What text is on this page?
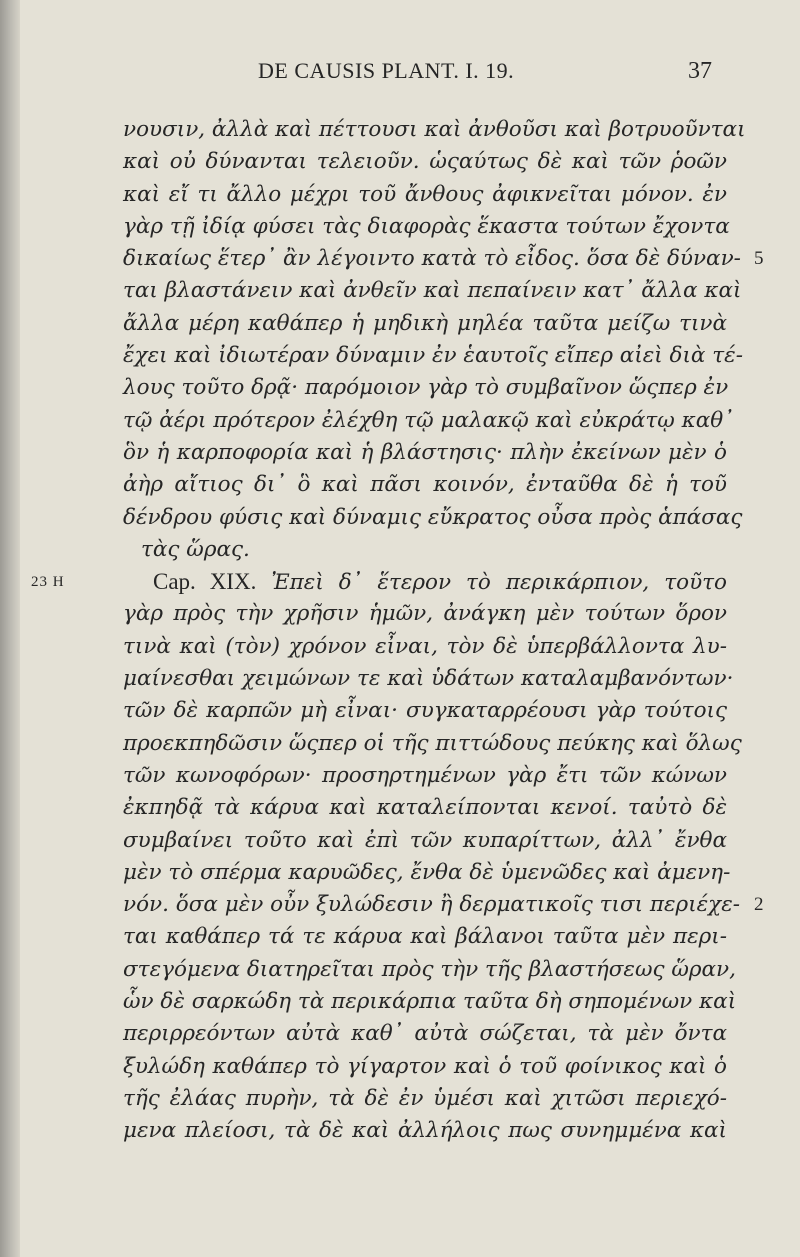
DE CAUSIS PLANT. I. 19.	37
νουσιν, ἀλλὰ καὶ πέττουσι καὶ ἀνθοῦσι καὶ βοτρυοῦνται
καὶ οὐ δύνανται τελειοῦν. ὡςαύτως δὲ καὶ τῶν ῥοῶν
καὶ εἴ τι ἄλλο μέχρι τοῦ ἄνθους ἀφικνεῖται μόνον. ἐν
γὰρ τῇ ἰδίᾳ φύσει τὰς διαφορὰς ἕκαστα τούτων ἔχοντα
δικαίως ἕτερ᾽ ἂν λέγοιντο κατὰ τὸ εἶδος. ὅσα δὲ δύναν- 5
ται βλαστάνειν καὶ ἀνθεῖν καὶ πεπαίνειν κατ᾽ ἄλλα καὶ
ἄλλα μέρη καθάπερ ἡ μηδικὴ μηλέα ταῦτα μείζω τινὰ
ἔχει καὶ ἰδιωτέραν δύναμιν ἐν ἑαυτοῖς εἴπερ αἰεὶ διὰ τέ-
λους τοῦτο δρᾷ· παρόμοιον γὰρ τὸ συμβαῖνον ὥςπερ ἐν
τῷ ἀέρι πρότερον ἐλέχθη τῷ μαλακῷ καὶ εὐκράτῳ καθ᾽
ὃν ἡ καρποφορία καὶ ἡ βλάστησις· πλὴν ἐκείνων μὲν ὁ
ἀὴρ αἴτιος δι᾽ ὃ καὶ πᾶσι κοινόν, ἐνταῦθα δὲ ἡ τοῦ
δένδρου φύσις καὶ δύναμις εὔκρατος οὖσα πρὸς ἁπάσας
τὰς ὥρας.
23 H	Cap. XIX. Ἐπεὶ δ᾽ ἕτερον τὸ περικάρπιον, τοῦτο
γὰρ πρὸς τὴν χρῆσιν ἡμῶν, ἀνάγκη μὲν τούτων ὅρον
τινὰ καὶ (τὸν) χρόνον εἶναι, τὸν δὲ ὑπερβάλλοντα λυ-
μαίνεσθαι χειμώνων τε καὶ ὑδάτων καταλαμβανόντων·
τῶν δὲ καρπῶν μὴ εἶναι· συγκαταρρέουσι γὰρ τούτοις
προεκπηδῶσιν ὥςπερ οἱ τῆς πιττώδους πεύκης καὶ ὅλως
τῶν κωνοφόρων· προσηρτημένων γὰρ ἔτι τῶν κώνων
ἐκπηδᾷ τὰ κάρυα καὶ καταλείπονται κενοί. ταὐτὸ δὲ
συμβαίνει τοῦτο καὶ ἐπὶ τῶν κυπαρίττων, ἀλλ᾽ ἔνθα
μὲν τὸ σπέρμα καρυῶδες, ἔνθα δὲ ὑμενῶδες καὶ ἀμενη-
νόν. ὅσα μὲν οὖν ξυλώδεσιν ἢ δερματικοῖς τισι περιέχε- 2
ται καθάπερ τά τε κάρυα καὶ βάλανοι ταῦτα μὲν περι-
στεγόμενα διατηρεῖται πρὸς τὴν τῆς βλαστήσεως ὥραν,
ὧν δὲ σαρκώδη τὰ περικάρπια ταῦτα δὴ σηπομένων καὶ
περιρρεόντων αὐτὰ καθ᾽ αὐτὰ σώζεται, τὰ μὲν ὄντα
ξυλώδη καθάπερ τὸ γίγαρτον καὶ ὁ τοῦ φοίνικος καὶ ὁ
τῆς ἐλάας πυρὴν, τὰ δὲ ἐν ὑμέσι καὶ χιτῶσι περιεχό-
μενα πλείοσι, τὰ δὲ καὶ ἀλλήλοις πως συνημμένα καὶ
